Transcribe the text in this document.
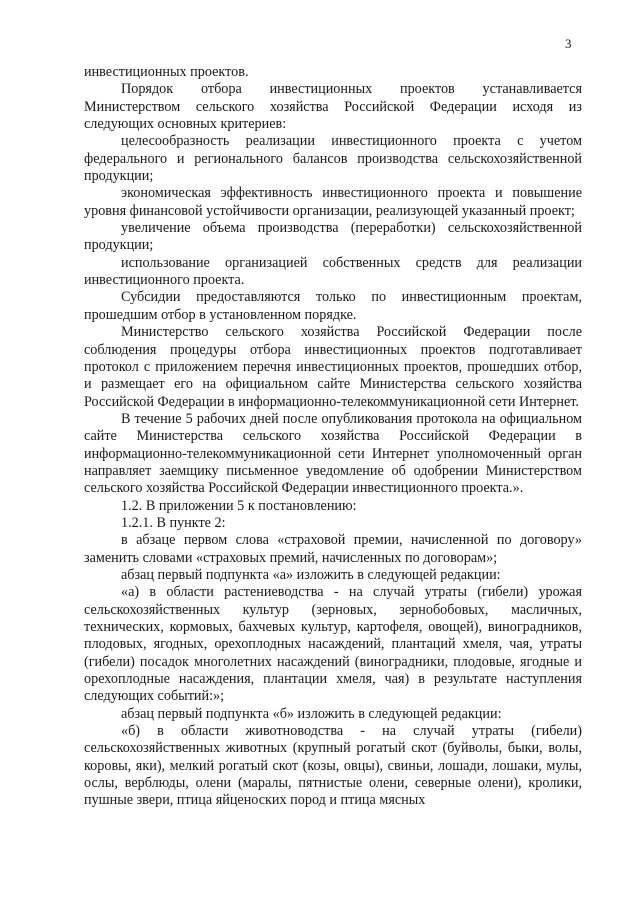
3

инвестиционных проектов.

Порядок отбора инвестиционных проектов устанавливается Министерством сельского хозяйства Российской Федерации исходя из следующих основных критериев:

целесообразность реализации инвестиционного проекта с учетом федерального и регионального балансов производства сельскохозяйственной продукции;

экономическая эффективность инвестиционного проекта и повышение уровня финансовой устойчивости организации, реализующей указанный проект;

увеличение объема производства (переработки) сельскохозяйственной продукции;

использование организацией собственных средств для реализации инвестиционного проекта.

Субсидии предоставляются только по инвестиционным проектам, прошедшим отбор в установленном порядке.

Министерство сельского хозяйства Российской Федерации после соблюдения процедуры отбора инвестиционных проектов подготавливает протокол с приложением перечня инвестиционных проектов, прошедших отбор, и размещает его на официальном сайте Министерства сельского хозяйства Российской Федерации в информационно-телекоммуникационной сети Интернет.

В течение 5 рабочих дней после опубликования протокола на официальном сайте Министерства сельского хозяйства Российской Федерации в информационно-телекоммуникационной сети Интернет уполномоченный орган направляет заемщику письменное уведомление об одобрении Министерством сельского хозяйства Российской Федерации инвестиционного проекта.».

1.2. В приложении 5 к постановлению:

1.2.1. В пункте 2:

в абзаце первом слова «страховой премии, начисленной по договору» заменить словами «страховых премий, начисленных по договорам»;

абзац первый подпункта «а» изложить в следующей редакции:

«а) в области растениеводства - на случай утраты (гибели) урожая сельскохозяйственных культур (зерновых, зернобобовых, масличных, технических, кормовых, бахчевых культур, картофеля, овощей), виноградников, плодовых, ягодных, орехоплодных насаждений, плантаций хмеля, чая, утраты (гибели) посадок многолетних насаждений (виноградники, плодовые, ягодные и орехоплодные насаждения, плантации хмеля, чая) в результате наступления следующих событий:»;

абзац первый подпункта «б» изложить в следующей редакции:

«б) в области животноводства - на случай утраты (гибели) сельскохозяйственных животных (крупный рогатый скот (буйволы, быки, волы, коровы, яки), мелкий рогатый скот (козы, овцы), свиньи, лошади, лошаки, мулы, ослы, верблюды, олени (маралы, пятнистые олени, северные олени), кролики, пушные звери, птица яйценоских пород и птица мясных
